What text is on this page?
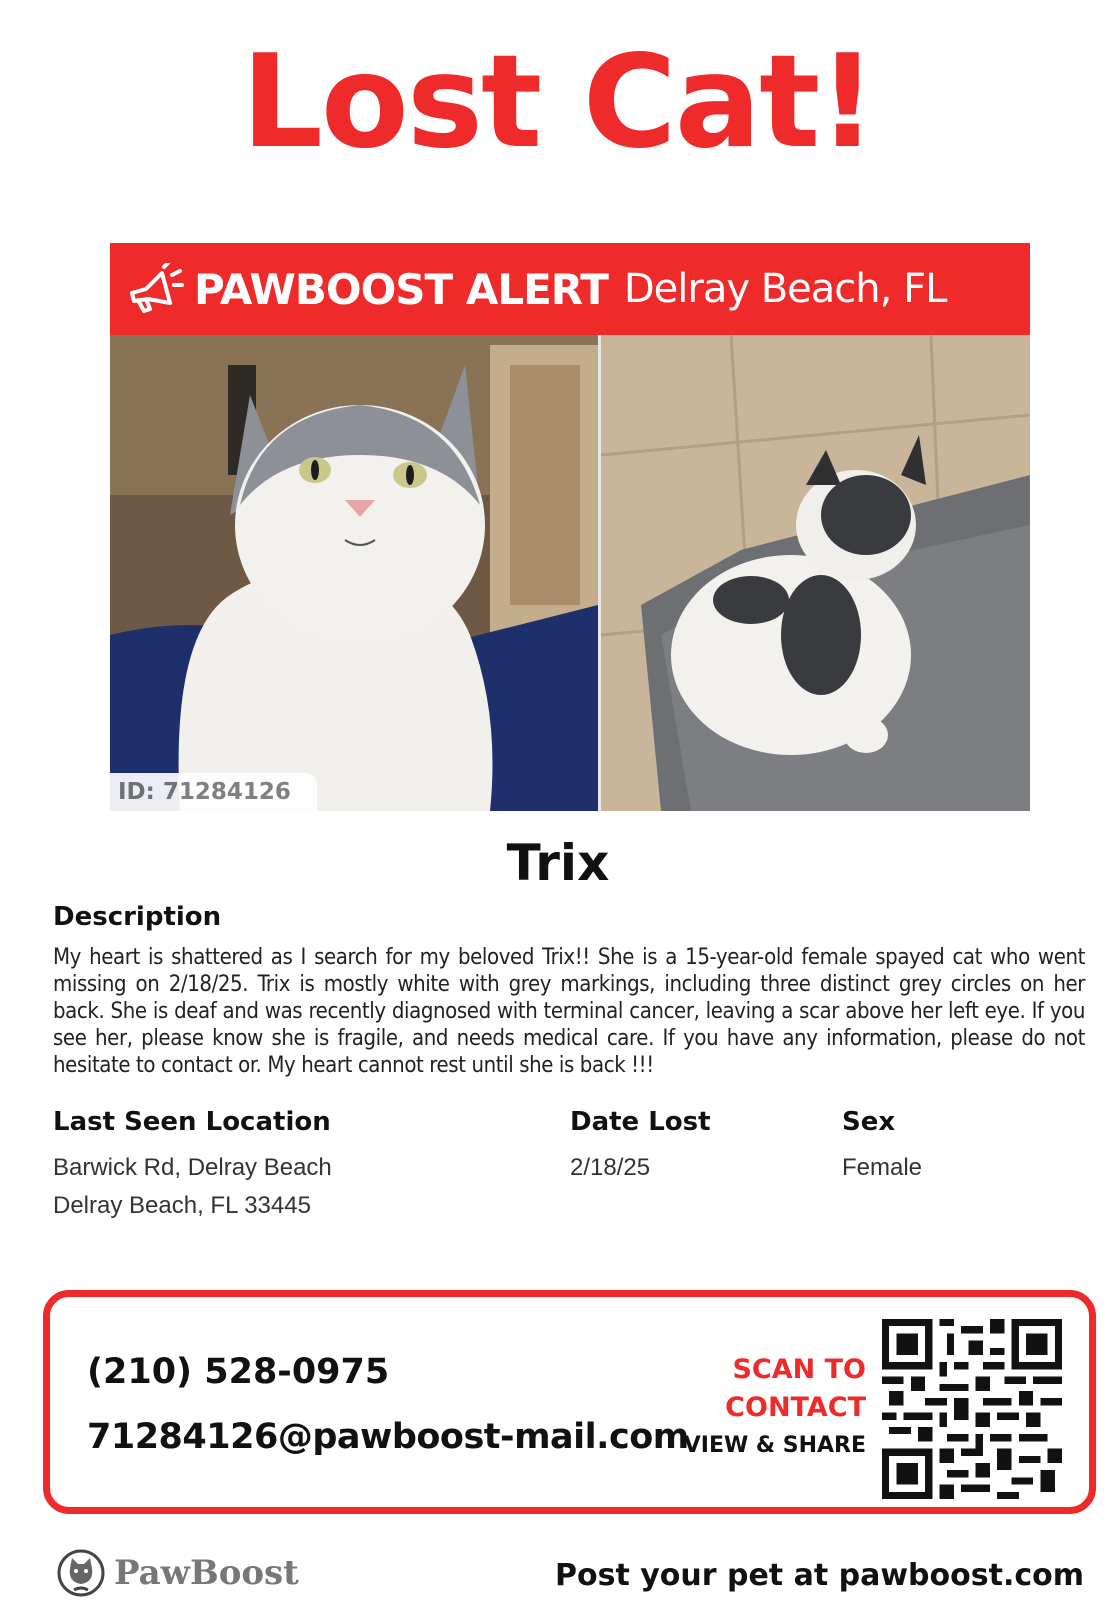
Lost Cat!
PAWBOOST ALERT Delray Beach, FL
ID: 71284126
Trix
Description
My heart is shattered as I search for my beloved Trix!! She is a 15-year-old female spayed cat who went missing on 2/18/25. Trix is mostly white with grey markings, including three distinct grey circles on her back. She is deaf and was recently diagnosed with terminal cancer, leaving a scar above her left eye. If you see her, please know she is fragile, and needs medical care. If you have any information, please do not hesitate to contact or. My heart cannot rest until she is back !!!
Last Seen Location
Barwick Rd, Delray Beach
Delray Beach, FL 33445
Date Lost
2/18/25
Sex
Female
(210) 528-0975
71284126@pawboost-mail.com
SCAN TO
CONTACT
VIEW & SHARE
PawBoost	Post your pet at pawboost.com
